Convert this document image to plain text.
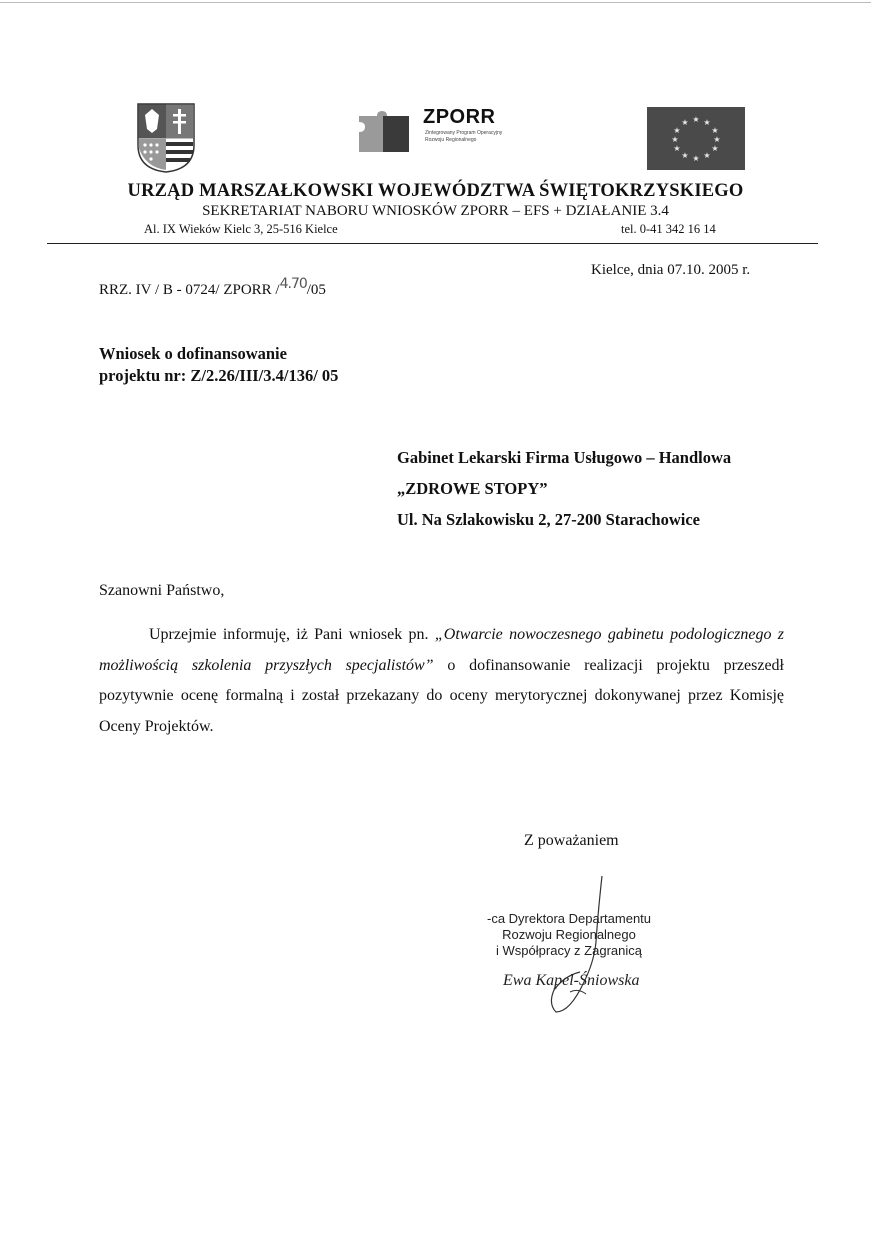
ZPORR
Zintegrowany Program Operacyjny Rozwoju Regionalnego
★ ★
★
★
★
★
★
★
★
★
★
★
URZĄD MARSZAŁKOWSKI WOJEWÓDZTWA ŚWIĘTOKRZYSKIEGO
SEKRETARIAT NABORU WNIOSKÓW ZPORR – EFS + DZIAŁANIE 3.4
Al. IX Wieków Kielc 3, 25-516 Kielce	tel. 0-41 342 16 14
RRZ. IV / B - 0724/ ZPORR /4.70/05
Kielce, dnia 07.10. 2005 r.
Wniosek o dofinansowanie
projektu nr: Z/2.26/III/3.4/136/ 05
Gabinet Lekarski Firma Usługowo – Handlowa
„ZDROWE STOPY”
Ul. Na Szlakowisku 2, 27-200 Starachowice
Szanowni Państwo,
Uprzejmie informuję, iż Pani wniosek pn. „Otwarcie nowoczesnego gabinetu podologicznego z możliwością szkolenia przyszłych specjalistów” o dofinansowanie realizacji projektu przeszedł pozytywnie ocenę formalną i został przekazany do oceny merytorycznej dokonywanej przez Komisję Oceny Projektów.
Z poważaniem
-ca Dyrektora Departamentu
Rozwoju Regionalnego
i Współpracy z Zagranicą
Ewa Kapel-Śniowska
